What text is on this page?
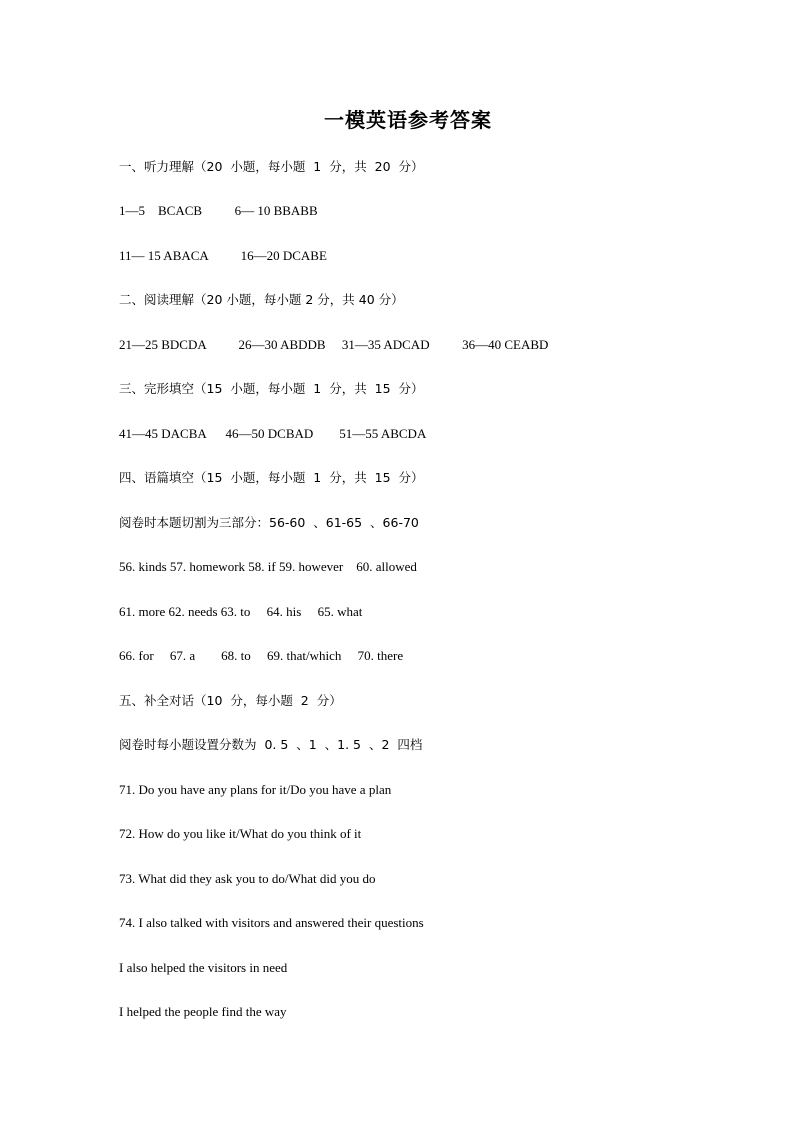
一模英语参考答案
一、听力理解（20  小题，每小题  1  分，共  20  分）
1—5    BCACB          6— 10 BBABB
11— 15 ABACA          16—20 DCABE
二、阅读理解（20 小题，每小题 2 分，共 40 分）
21—25 BDCDA          26—30 ABDDB     31—35 ADCAD          36—40 CEABD
三、完形填空（15  小题，每小题  1  分，共  15  分）
41—45 DACBA      46—50 DCBAD        51—55 ABCDA
四、语篇填空（15  小题，每小题  1  分，共  15  分）
阅卷时本题切割为三部分：56-60  、61-65  、66-70
56. kinds 57. homework 58. if 59. however    60. allowed
61. more 62. needs 63. to     64. his     65. what
66. for     67. a        68. to     69. that/which     70. there
五、补全对话（10  分，每小题  2  分）
阅卷时每小题设置分数为  0. 5  、1  、1. 5  、2  四档
71. Do you have any plans for it/Do you have a plan
72. How do you like it/What do you think of it
73. What did they ask you to do/What did you do
74. I also talked with visitors and answered their questions
I also helped the visitors in need
I helped the people find the way
